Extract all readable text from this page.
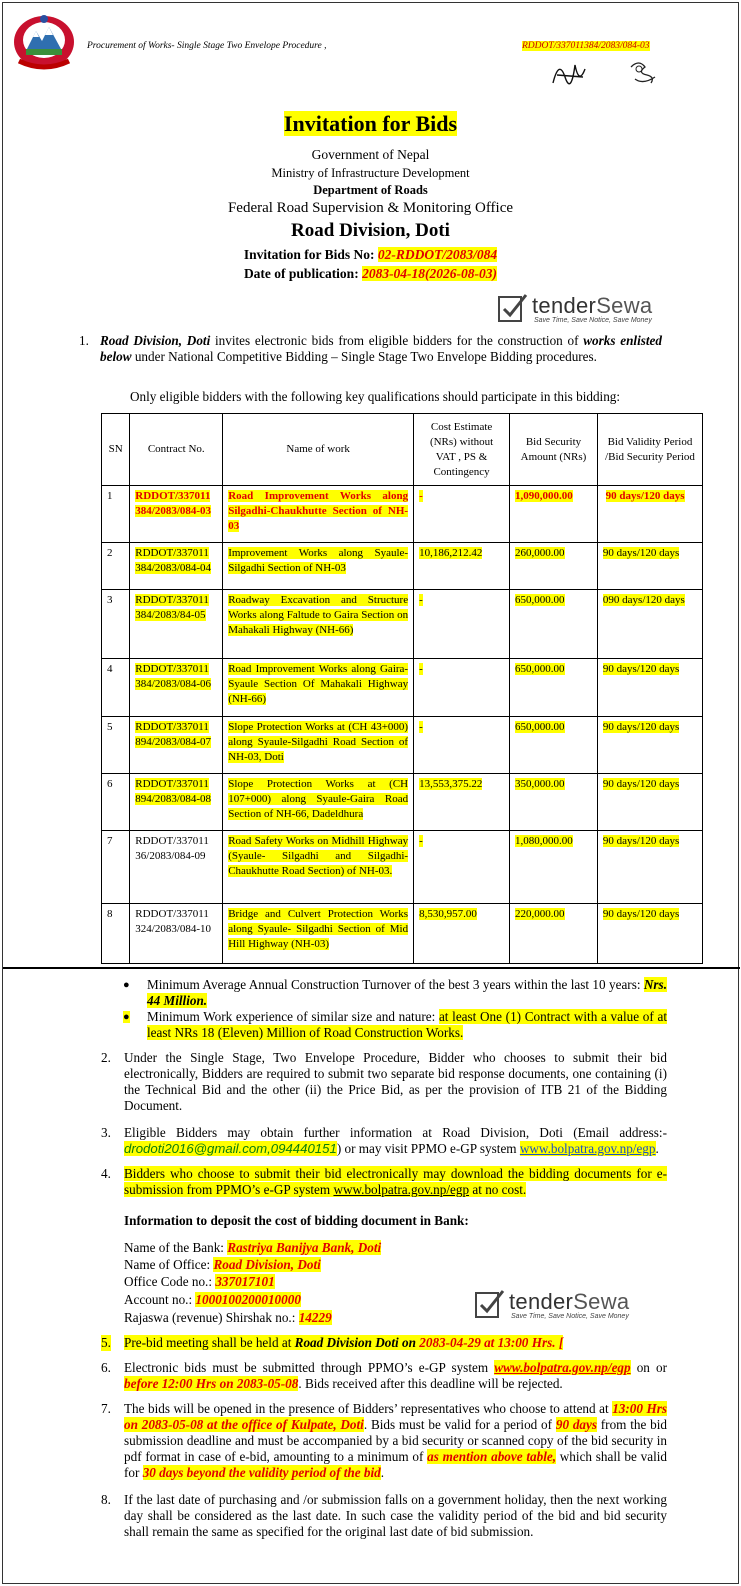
Procurement of Works- Single Stage Two Envelope Procedure ,	RDDOT/337011384/2083/084-03
Invitation for Bids
Government of Nepal
Ministry of Infrastructure Development
Department of Roads
Federal Road Supervision & Monitoring Office
Road Division, Doti
Invitation for Bids No: 02-RDDOT/2083/084
Date of publication: 2083-04-18(2026-08-03)
tenderSewa
Save Time, Save Notice, Save Money
1. Road Division, Doti invites electronic bids from eligible bidders for the construction of works enlisted below under National Competitive Bidding – Single Stage Two Envelope Bidding procedures.
Only eligible bidders with the following key qualifications should participate in this bidding:
SN	Contract No.	Name of work	Cost Estimate (NRs) without VAT , PS & Contingency	Bid Security Amount (NRs)	Bid Validity Period /Bid Security Period
1	RDDOT/337011 384/2083/084-03	Road Improvement Works along Silgadhi-Chaukhutte Section of NH-03	-	1,090,000.00	90 days/120 days
2	RDDOT/337011 384/2083/084-04	Improvement Works along Syaule-Silgadhi Section of NH-03	10,186,212.42	260,000.00	90 days/120 days
3	RDDOT/337011 384/2083/84-05	Roadway Excavation and Structure Works along Faltude to Gaira Section on Mahakali Highway (NH-66)	-	650,000.00	090 days/120 days
4	RDDOT/337011 384/2083/084-06	Road Improvement Works along Gaira- Syaule Section Of Mahakali Highway (NH-66)	-	650,000.00	90 days/120 days
5	RDDOT/337011 894/2083/084-07	Slope Protection Works at (CH 43+000) along Syaule-Silgadhi Road Section of NH-03, Doti	-	650,000.00	90 days/120 days
6	RDDOT/337011 894/2083/084-08	Slope Protection Works at (CH 107+000) along Syaule-Gaira Road Section of NH-66, Dadeldhura	13,553,375.22	350,000.00	90 days/120 days
7	RDDOT/337011 36/2083/084-09	Road Safety Works on Midhill Highway (Syaule- Silgadhi and Silgadhi-Chaukhutte Road Section) of NH-03.	-	1,080,000.00	90 days/120 days
8	RDDOT/337011 324/2083/084-10	Bridge and Culvert Protection Works along Syaule- Silgadhi Section of Mid Hill Highway (NH-03)	8,530,957.00	220,000.00	90 days/120 days
● Minimum Average Annual Construction Turnover of the best 3 years within the last 10 years: Nrs. 44 Million.
● Minimum Work experience of similar size and nature: at least One (1) Contract with a value of at least NRs 18 (Eleven) Million of Road Construction Works.
2. Under the Single Stage, Two Envelope Procedure, Bidder who chooses to submit their bid electronically, Bidders are required to submit two separate bid response documents, one containing (i) the Technical Bid and the other (ii) the Price Bid, as per the provision of ITB 21 of the Bidding Document.
3. Eligible Bidders may obtain further information at Road Division, Doti (Email address:-drodoti2016@gmail.com,094440151) or may visit PPMO e-GP system www.bolpatra.gov.np/egp.
4. Bidders who choose to submit their bid electronically may download the bidding documents for e-submission from PPMO’s e-GP system www.bolpatra.gov.np/egp at no cost.
Information to deposit the cost of bidding document in Bank:
Name of the Bank: Rastriya Banijya Bank, Doti
Name of Office: Road Division, Doti
Office Code no.: 337017101
Account no.: 1000100200010000
Rajaswa (revenue) Shirshak no.: 14229
tenderSewa
Save Time, Save Notice, Save Money
5. Pre-bid meeting shall be held at Road Division Doti on 2083-04-29 at 13:00 Hrs. [
6. Electronic bids must be submitted through PPMO’s e-GP system www.bolpatra.gov.np/egp on or before 12:00 Hrs on 2083-05-08. Bids received after this deadline will be rejected.
7. The bids will be opened in the presence of Bidders’ representatives who choose to attend at 13:00 Hrs on 2083-05-08 at the office of Kulpate, Doti. Bids must be valid for a period of 90 days from the bid submission deadline and must be accompanied by a bid security or scanned copy of the bid security in pdf format in case of e-bid, amounting to a minimum of as mention above table, which shall be valid for 30 days beyond the validity period of the bid.
8. If the last date of purchasing and /or submission falls on a government holiday, then the next working day shall be considered as the last date. In such case the validity period of the bid and bid security shall remain the same as specified for the original last date of bid submission.
